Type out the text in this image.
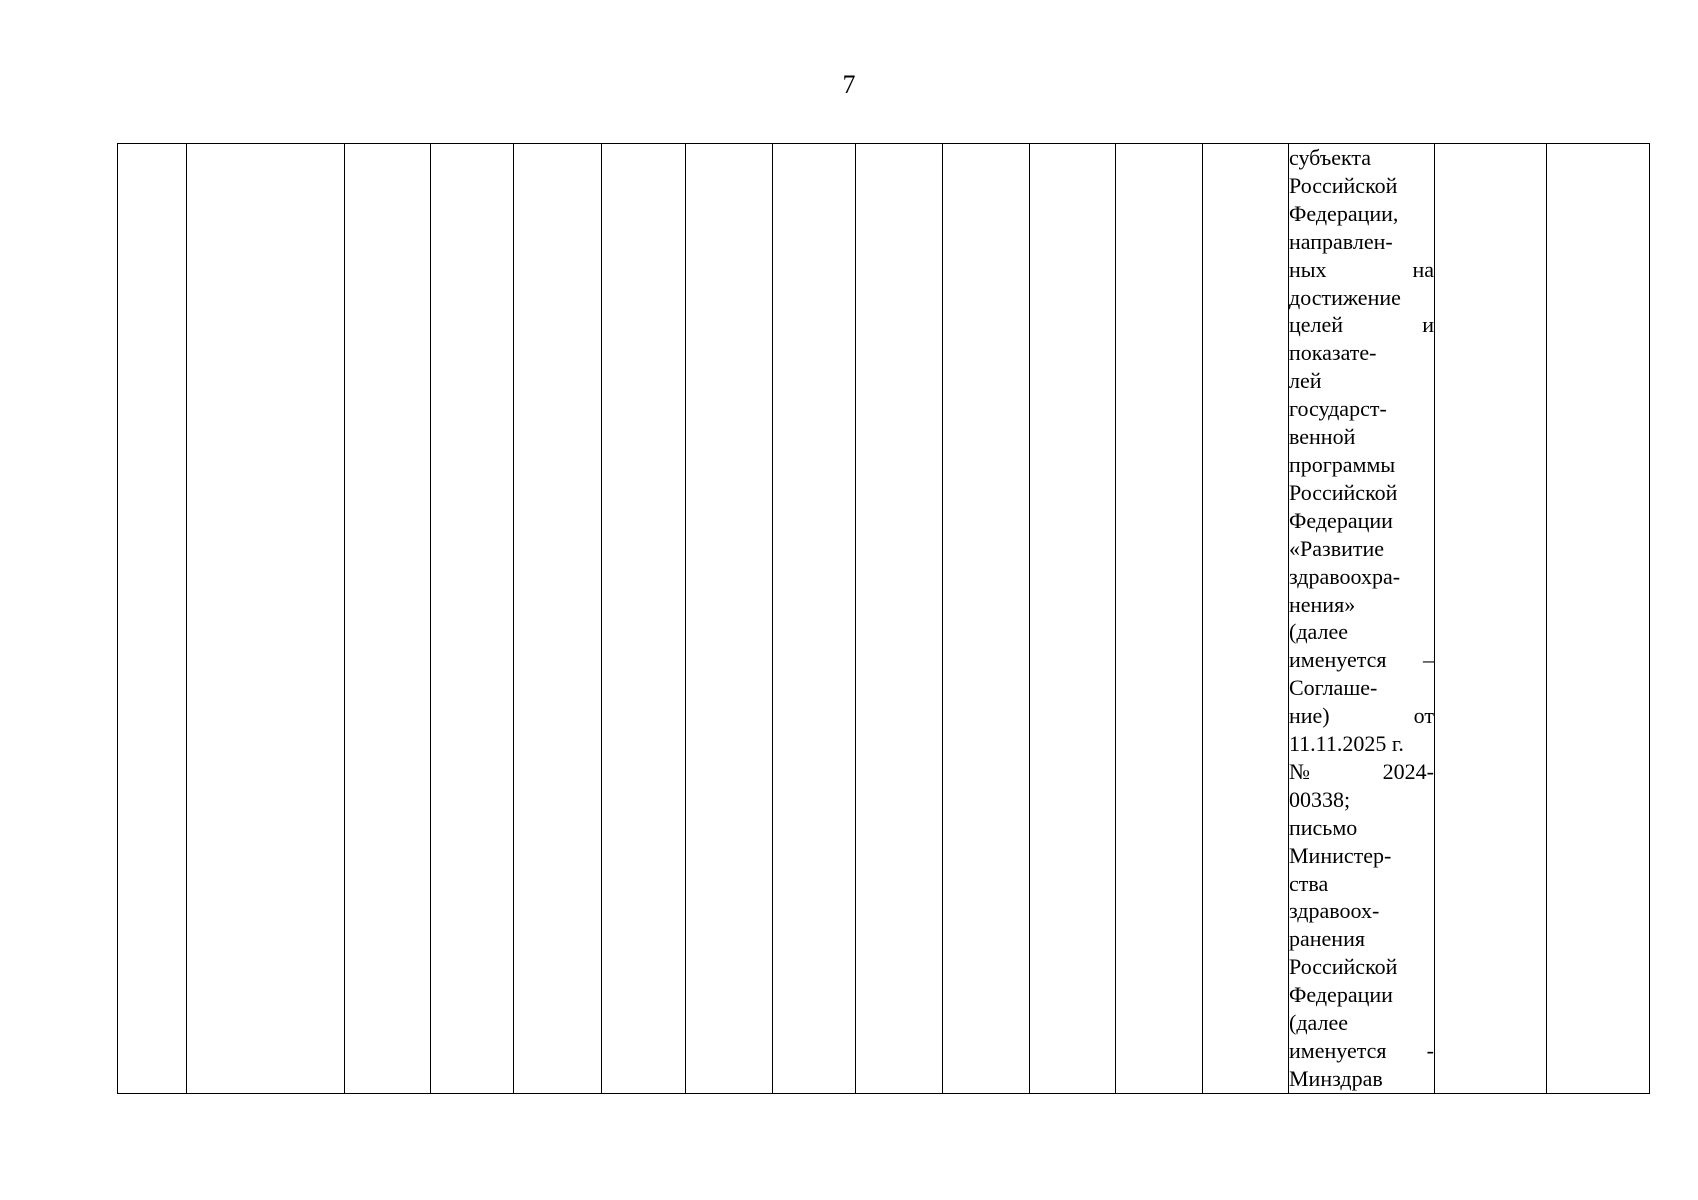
7

субъекта
Российской
Федерации,
направлен-
ных	на
достижение
целей	и
показате-
лей
государст-
венной
программы
Российской
Федерации
«Развитие
здравоохра-
нения»
(далее
именуется –
Соглаше-
ние)	от
11.11.2025 г.
№	2024-
00338;
письмо
Министер-
ства
здравоох-
ранения
Российской
Федерации
(далее
именуется -
Минздрав
